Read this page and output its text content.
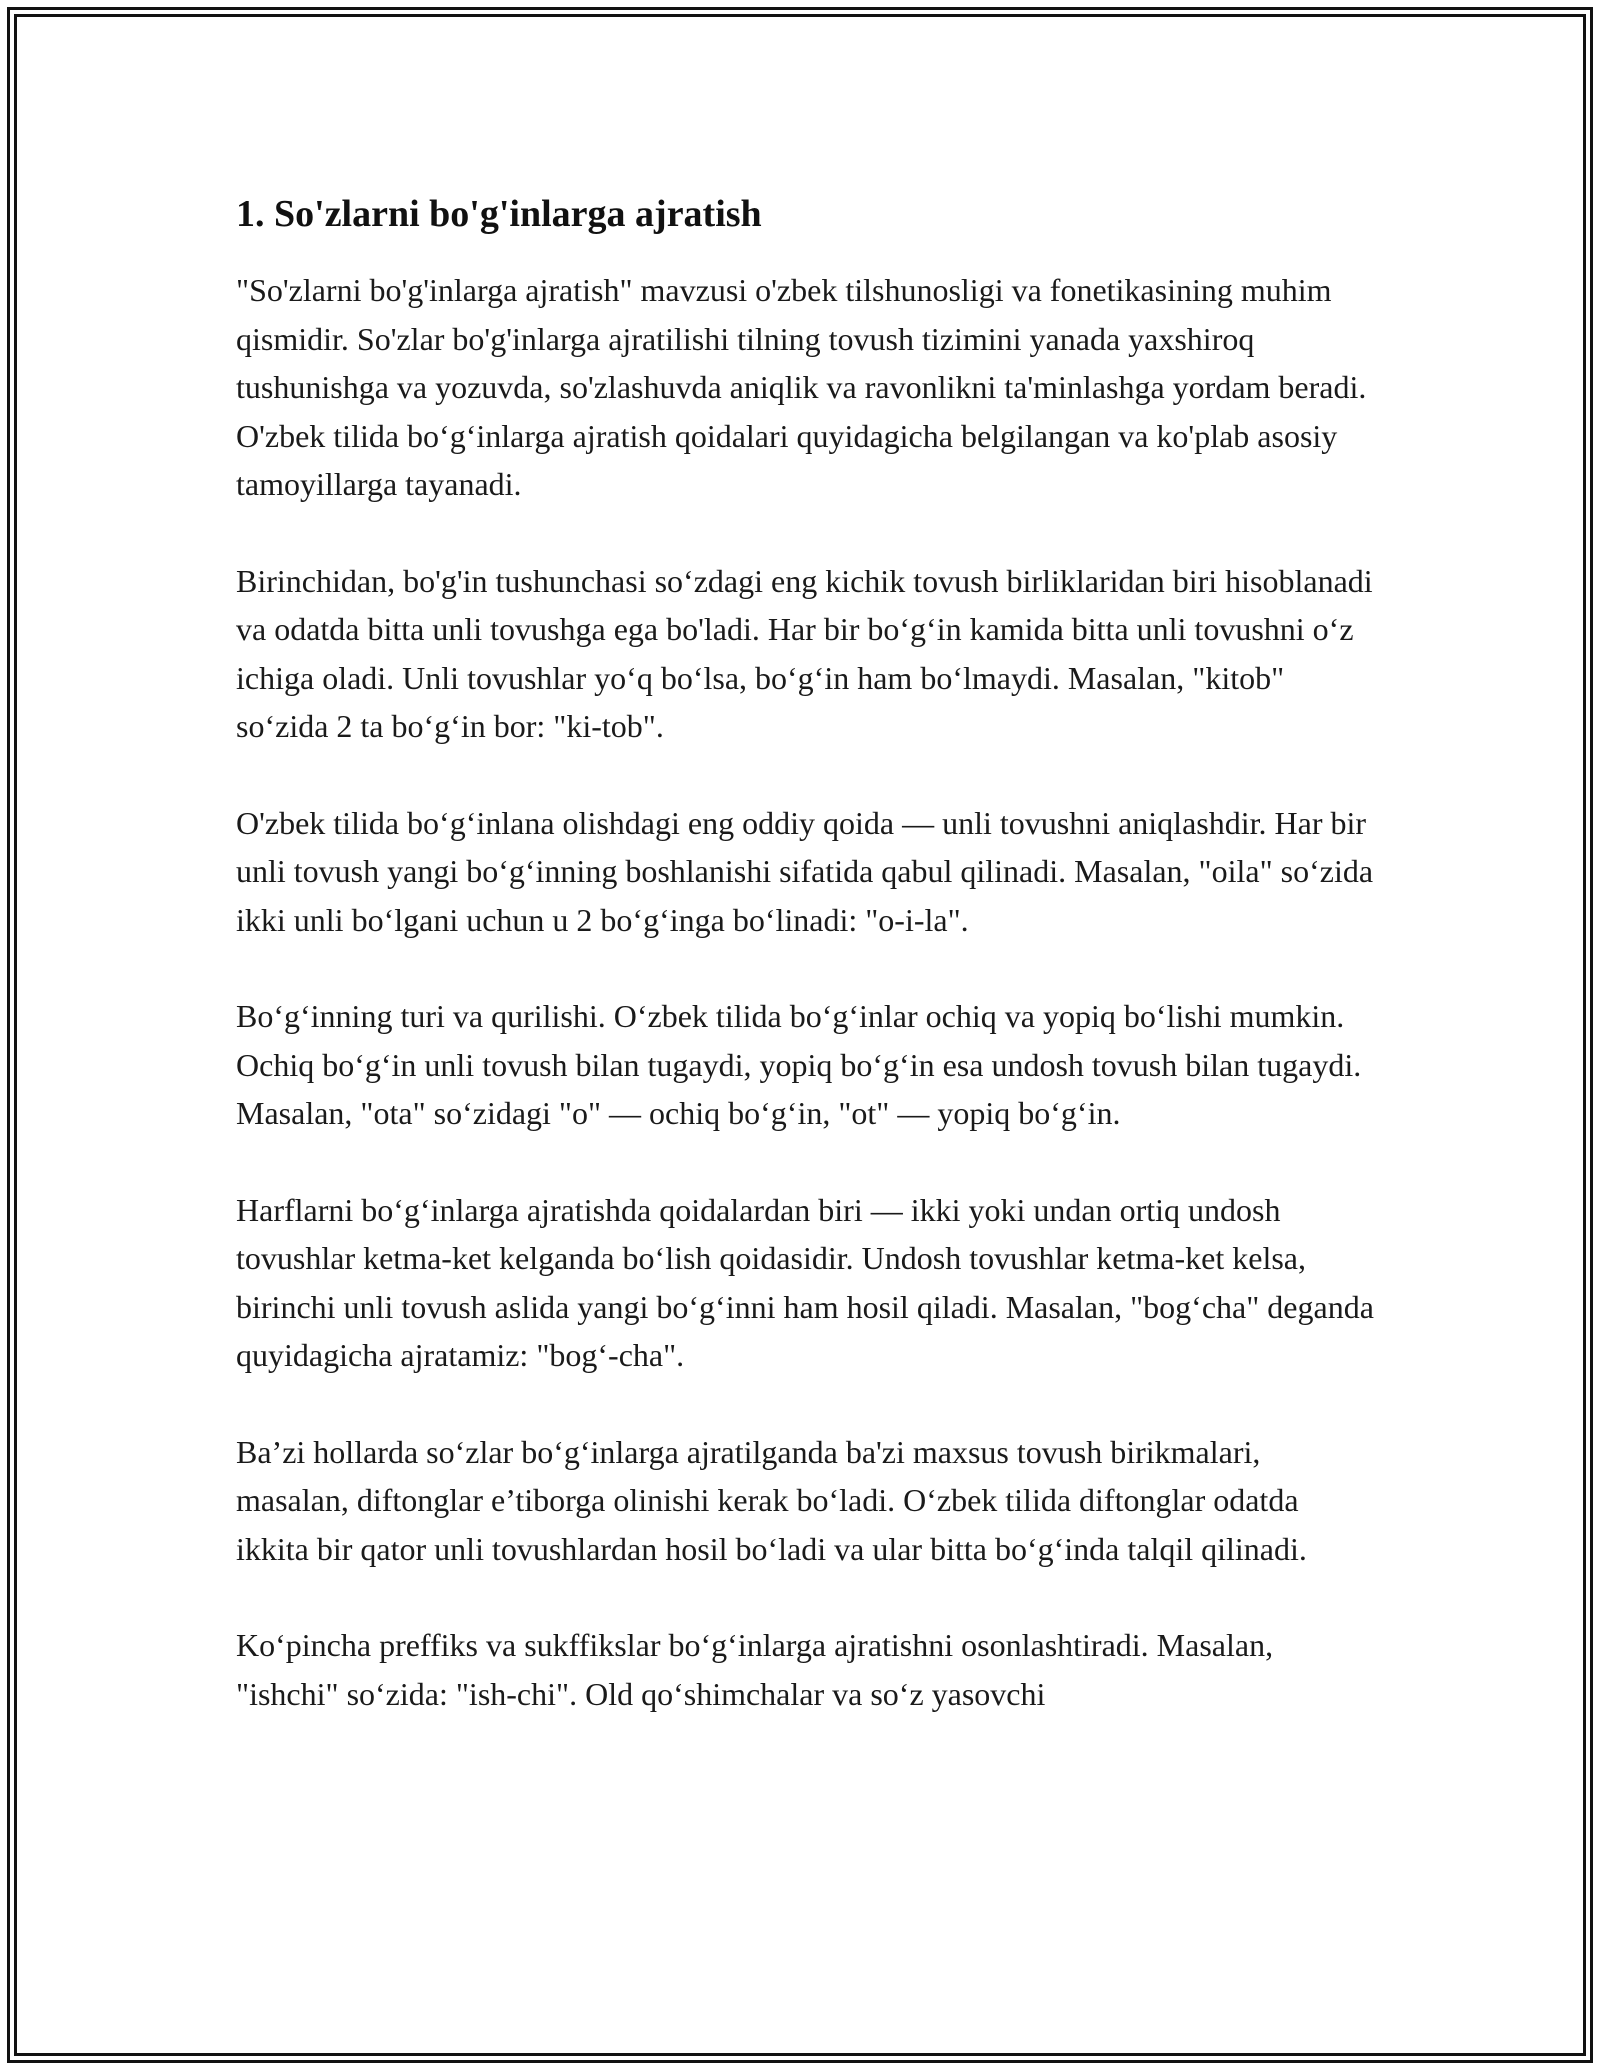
1. So'zlarni bo'g'inlarga ajratish

"So'zlarni bo'g'inlarga ajratish" mavzusi o'zbek tilshunosligi va fonetikasining muhim qismidir. So'zlar bo'g'inlarga ajratilishi tilning tovush tizimini yanada yaxshiroq tushunishga va yozuvda, so'zlashuvda aniqlik va ravonlikni ta'minlashga yordam beradi. O'zbek tilida boʻgʻinlarga ajratish qoidalari quyidagicha belgilangan va ko'plab asosiy tamoyillarga tayanadi.

Birinchidan, bo'g'in tushunchasi soʻzdagi eng kichik tovush birliklaridan biri hisoblanadi va odatda bitta unli tovushga ega bo'ladi. Har bir boʻgʻin kamida bitta unli tovushni oʻz ichiga oladi. Unli tovushlar yoʻq boʻlsa, boʻgʻin ham boʻlmaydi. Masalan, "kitob" soʻzida 2 ta boʻgʻin bor: "ki-tob".

O'zbek tilida boʻgʻinlana olishdagi eng oddiy qoida — unli tovushni aniqlashdir. Har bir unli tovush yangi boʻgʻinning boshlanishi sifatida qabul qilinadi. Masalan, "oila" soʻzida ikki unli boʻlgani uchun u 2 boʻgʻinga boʻlinadi: "o-i-la".

Boʻgʻinning turi va qurilishi. Oʻzbek tilida boʻgʻinlar ochiq va yopiq boʻlishi mumkin. Ochiq boʻgʻin unli tovush bilan tugaydi, yopiq boʻgʻin esa undosh tovush bilan tugaydi. Masalan, "ota" soʻzidagi "o" — ochiq boʻgʻin, "ot" — yopiq boʻgʻin.

Harflarni boʻgʻinlarga ajratishda qoidalardan biri — ikki yoki undan ortiq undosh tovushlar ketma-ket kelganda boʻlish qoidasidir. Undosh tovushlar ketma-ket kelsa, birinchi unli tovush aslida yangi boʻgʻinni ham hosil qiladi. Masalan, "bogʻcha" deganda quyidagicha ajratamiz: "bogʻ-cha".

Ba’zi hollarda soʻzlar boʻgʻinlarga ajratilganda ba'zi maxsus tovush birikmalari, masalan, diftonglar e’tiborga olinishi kerak boʻladi. Oʻzbek tilida diftonglar odatda ikkita bir qator unli tovushlardan hosil boʻladi va ular bitta boʻgʻinda talqil qilinadi.

Koʻpincha preffiks va sukffikslar boʻgʻinlarga ajratishni osonlashtiradi. Masalan, "ishchi" soʻzida: "ish-chi". Old qoʻshimchalar va soʻz yasovchi
